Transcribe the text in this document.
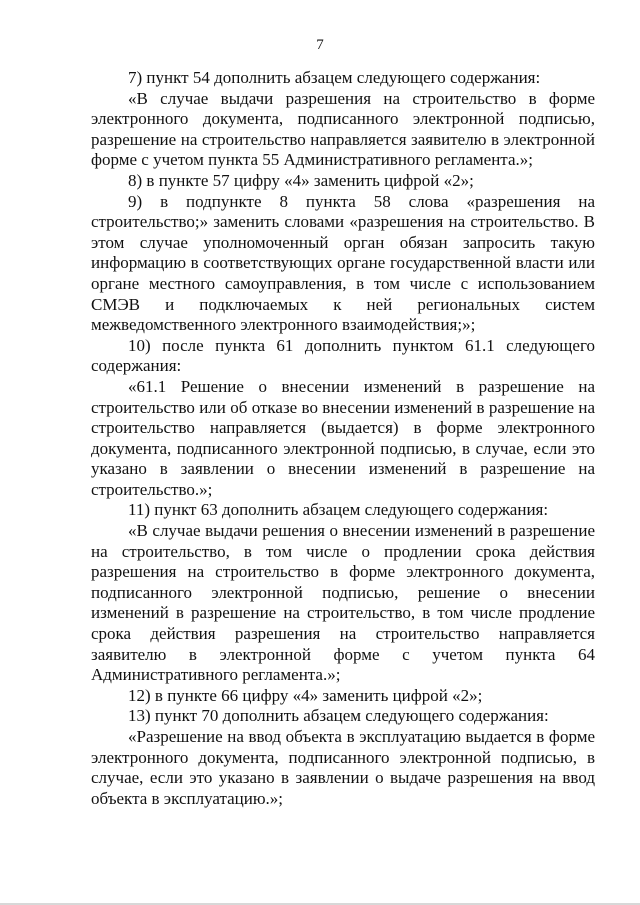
7

7) пункт 54 дополнить абзацем следующего содержания:

«В случае выдачи разрешения на строительство в форме электронного документа, подписанного электронной подписью, разрешение на строительство направляется заявителю в электронной форме с учетом пункта 55 Административного регламента.»;

8) в пункте 57 цифру «4» заменить цифрой «2»;

9) в подпункте 8 пункта 58 слова «разрешения на строительство;» заменить словами «разрешения на строительство. В этом случае уполномоченный орган обязан запросить такую информацию в соответствующих органе государственной власти или органе местного самоуправления, в том числе с использованием СМЭВ и подключаемых к ней региональных систем межведомственного электронного взаимодействия;»;

10) после пункта 61 дополнить пунктом 61.1 следующего содержания:

«61.1 Решение о внесении изменений в разрешение на строительство или об отказе во внесении изменений в разрешение на строительство направляется (выдается) в форме электронного документа, подписанного электронной подписью, в случае, если это указано в заявлении о внесении изменений в разрешение на строительство.»;

11) пункт 63 дополнить абзацем следующего содержания:

«В случае выдачи решения о внесении изменений в разрешение на строительство, в том числе о продлении срока действия разрешения на строительство в форме электронного документа, подписанного электронной подписью, решение о внесении изменений в разрешение на строительство, в том числе продление срока действия разрешения на строительство направляется заявителю в электронной форме с учетом пункта 64 Административного регламента.»;

12) в пункте 66 цифру «4» заменить цифрой «2»;

13) пункт 70 дополнить абзацем следующего содержания:

«Разрешение на ввод объекта в эксплуатацию выдается в форме электронного документа, подписанного электронной подписью, в случае, если это указано в заявлении о выдаче разрешения на ввод объекта в эксплуатацию.»;
